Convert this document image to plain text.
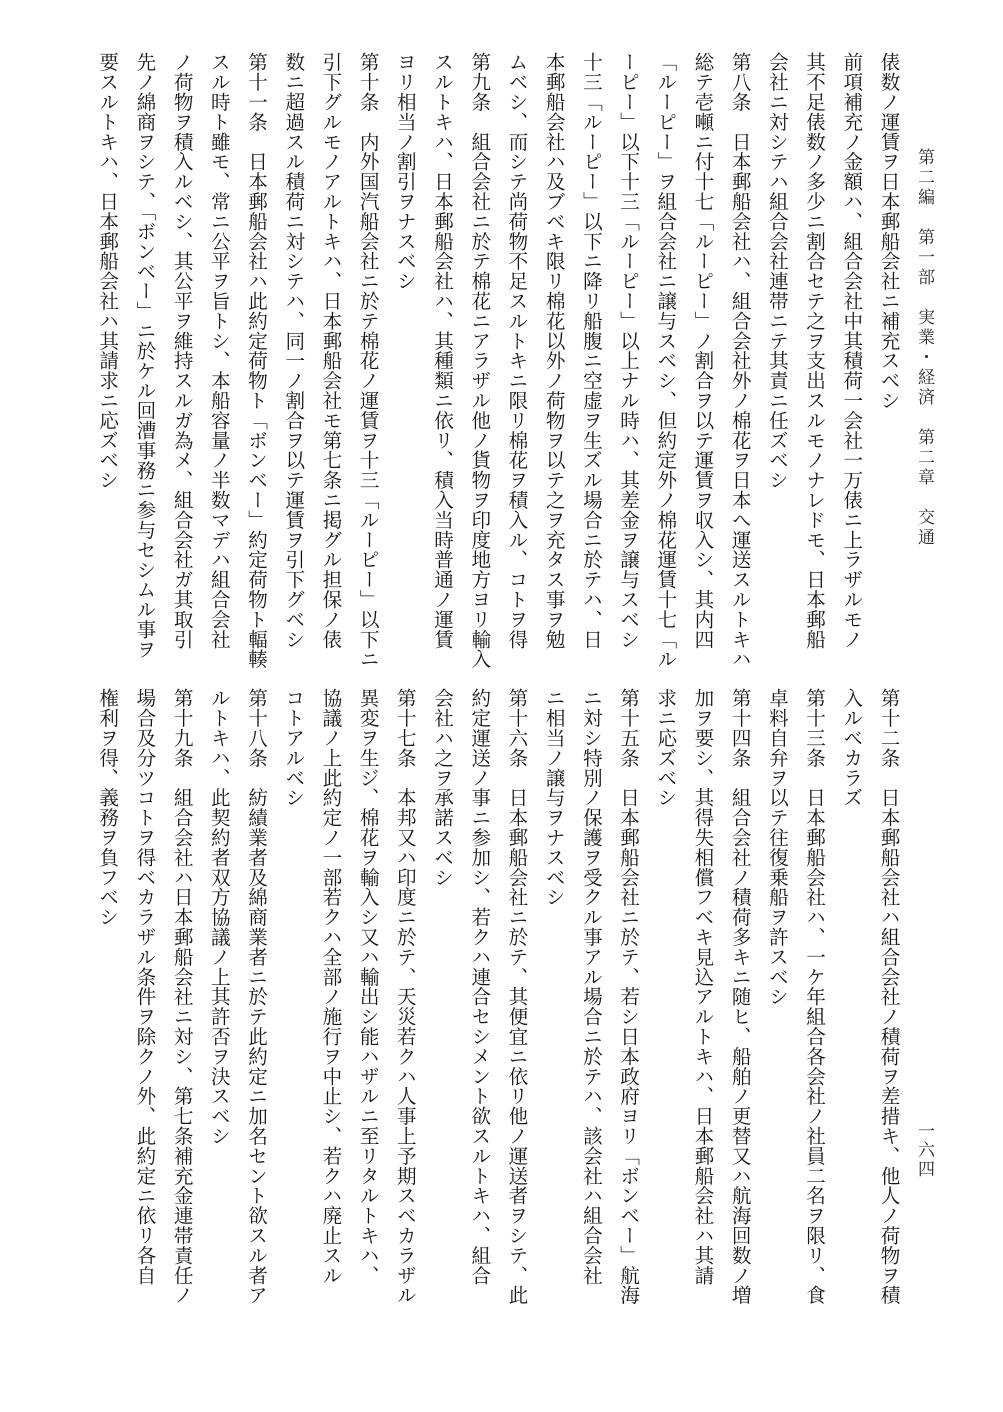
第二編　第一部　実業・経済　第二章　交通
一六四
俵数ノ運賃ヲ日本郵船会社ニ補充スベシ
前項補充ノ金額ハ、組合会社中其積荷一会社一万俵ニ上ラザルモノ
其不足俵数ノ多少ニ割合セテ之ヲ支出スルモノナレドモ、日本郵船
会社ニ対シテハ組合会社連帯ニテ其責ニ任ズベシ
第八条　日本郵船会社ハ、組合会社外ノ棉花ヲ日本へ運送スルトキハ
総テ壱噸ニ付十七「ルーピー」ノ割合ヲ以テ運賃ヲ収入シ、其内四
「ルーピー」ヲ組合会社ニ譲与スベシ、但約定外ノ棉花運賃十七「ル
ーピー」以下十三「ルーピー」以上ナル時ハ、其差金ヲ譲与スベシ
十三「ルーピー」以下ニ降リ船腹ニ空虚ヲ生ズル場合ニ於テハ、日
本郵船会社ハ及ブベキ限リ棉花以外ノ荷物ヲ以テ之ヲ充タス事ヲ勉
ムベシ、而シテ尚荷物不足スルトキニ限リ棉花ヲ積入ル、コトヲ得
第九条　組合会社ニ於テ棉花ニアラザル他ノ貨物ヲ印度地方ヨリ輸入
スルトキハ、日本郵船会社ハ、其種類ニ依リ、積入当時普通ノ運賃
ヨリ相当ノ割引ヲナスベシ
第十条　内外国汽船会社ニ於テ棉花ノ運賃ヲ十三「ルーピー」以下ニ
引下グルモノアルトキハ、日本郵船会社モ第七条ニ掲グル担保ノ俵
数ニ超過スル積荷ニ対シテハ、同一ノ割合ヲ以テ運賃ヲ引下グベシ
第十一条　日本郵船会社ハ此約定荷物ト「ボンベー」約定荷物ト輻輳
スル時ト雖モ、常ニ公平ヲ旨トシ、本船容量ノ半数マデハ組合会社
ノ荷物ヲ積入ルベシ、其公平ヲ維持スルガ為メ、組合会社ガ其取引
先ノ綿商ヲシテ、「ボンベー」ニ於ケル回漕事務ニ参与セシムル事ヲ
要スルトキハ、日本郵船会社ハ其請求ニ応ズベシ
第十二条　日本郵船会社ハ組合会社ノ積荷ヲ差措キ、他人ノ荷物ヲ積
入ルベカラズ
第十三条　日本郵船会社ハ、一ケ年組合各会社ノ社員二名ヲ限リ、食
卓料自弁ヲ以テ往復乗船ヲ許スベシ
第十四条　組合会社ノ積荷多キニ随ヒ、船舶ノ更替又ハ航海回数ノ増
加ヲ要シ、其得失相償フベキ見込アルトキハ、日本郵船会社ハ其請
求ニ応ズベシ
第十五条　日本郵船会社ニ於テ、若シ日本政府ヨリ「ボンベー」航海
ニ対シ特別ノ保護ヲ受クル事アル場合ニ於テハ、該会社ハ組合会社
ニ相当ノ譲与ヲナスベシ
第十六条　日本郵船会社ニ於テ、其便宜ニ依リ他ノ運送者ヲシテ、此
約定運送ノ事ニ参加シ、若クハ連合セシメント欲スルトキハ、組合
会社ハ之ヲ承諾スベシ
第十七条　本邦又ハ印度ニ於テ、天災若クハ人事上予期スベカラザル
異変ヲ生ジ、棉花ヲ輸入シ又ハ輸出シ能ハザルニ至リタルトキハ、
協議ノ上此約定ノ一部若クハ全部ノ施行ヲ中止シ、若クハ廃止スル
コトアルベシ
第十八条　紡績業者及綿商業者ニ於テ此約定ニ加名セント欲スル者ア
ルトキハ、此契約者双方協議ノ上其許否ヲ決スベシ
第十九条　組合会社ハ日本郵船会社ニ対シ、第七条補充金連帯責任ノ
場合及分ツコトヲ得ベカラザル条件ヲ除クノ外、此約定ニ依リ各自
権利ヲ得、義務ヲ負フベシ
